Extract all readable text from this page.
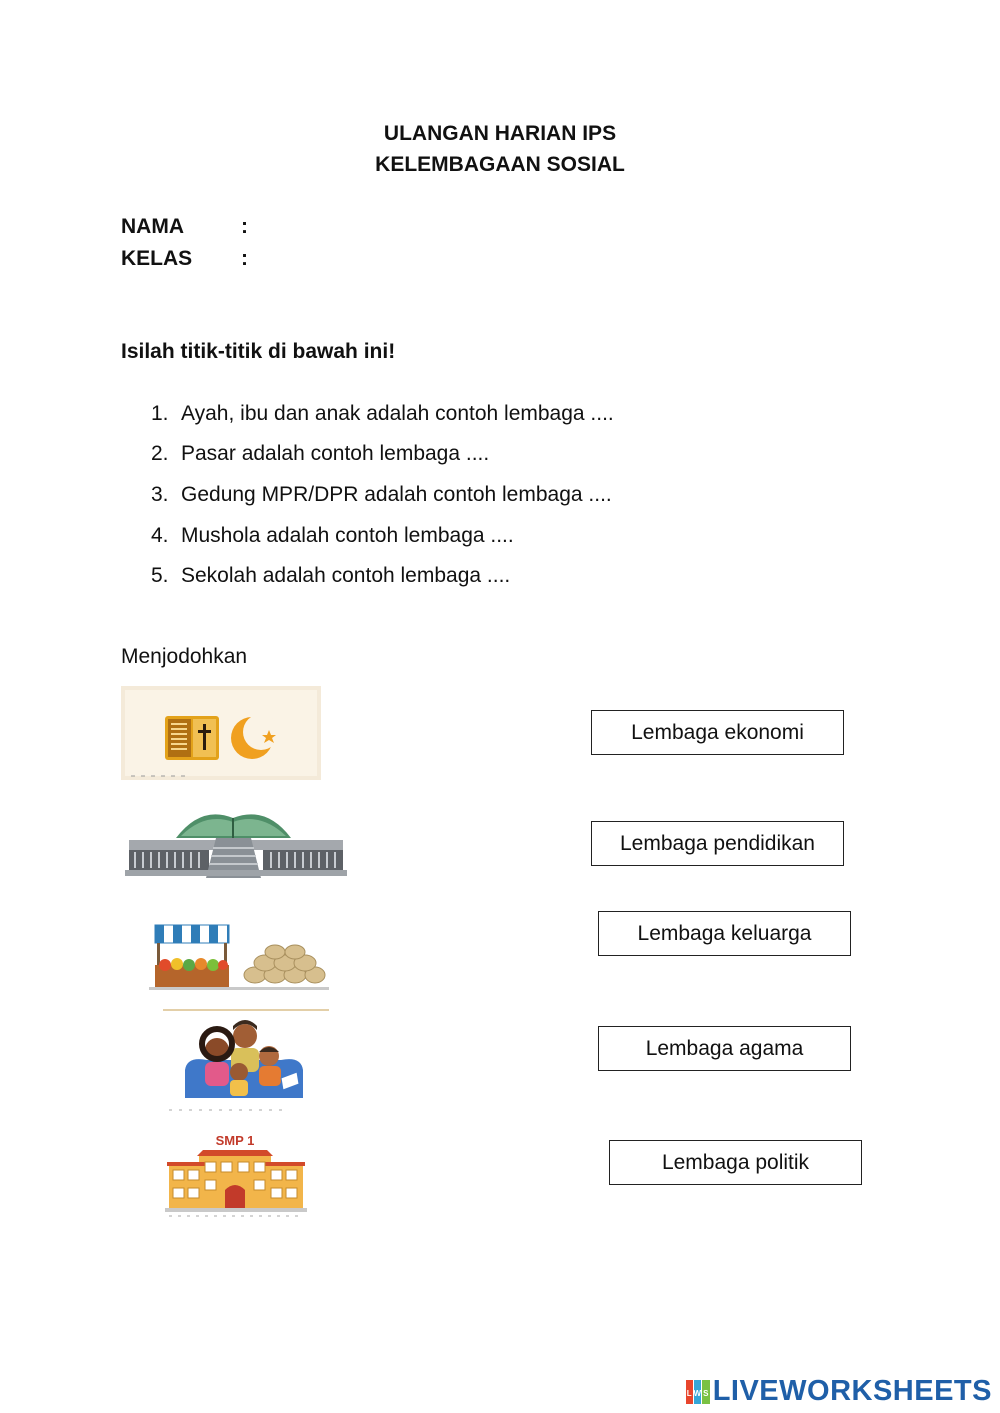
ULANGAN HARIAN IPS
KELEMBAGAAN SOSIAL
NAMA	:
KELAS :
Isilah titik-titik di bawah ini!
1. Ayah, ibu dan anak adalah contoh lembaga ....
2. Pasar adalah contoh lembaga ....
3. Gedung MPR/DPR adalah contoh lembaga ....
4. Mushola adalah contoh lembaga ....
5. Sekolah adalah contoh lembaga ....
Menjodohkan
SMP 1
Lembaga ekonomi
Lembaga pendidikan
Lembaga keluarga
Lembaga agama
Lembaga politik
L W S LIVEWORKSHEETS
